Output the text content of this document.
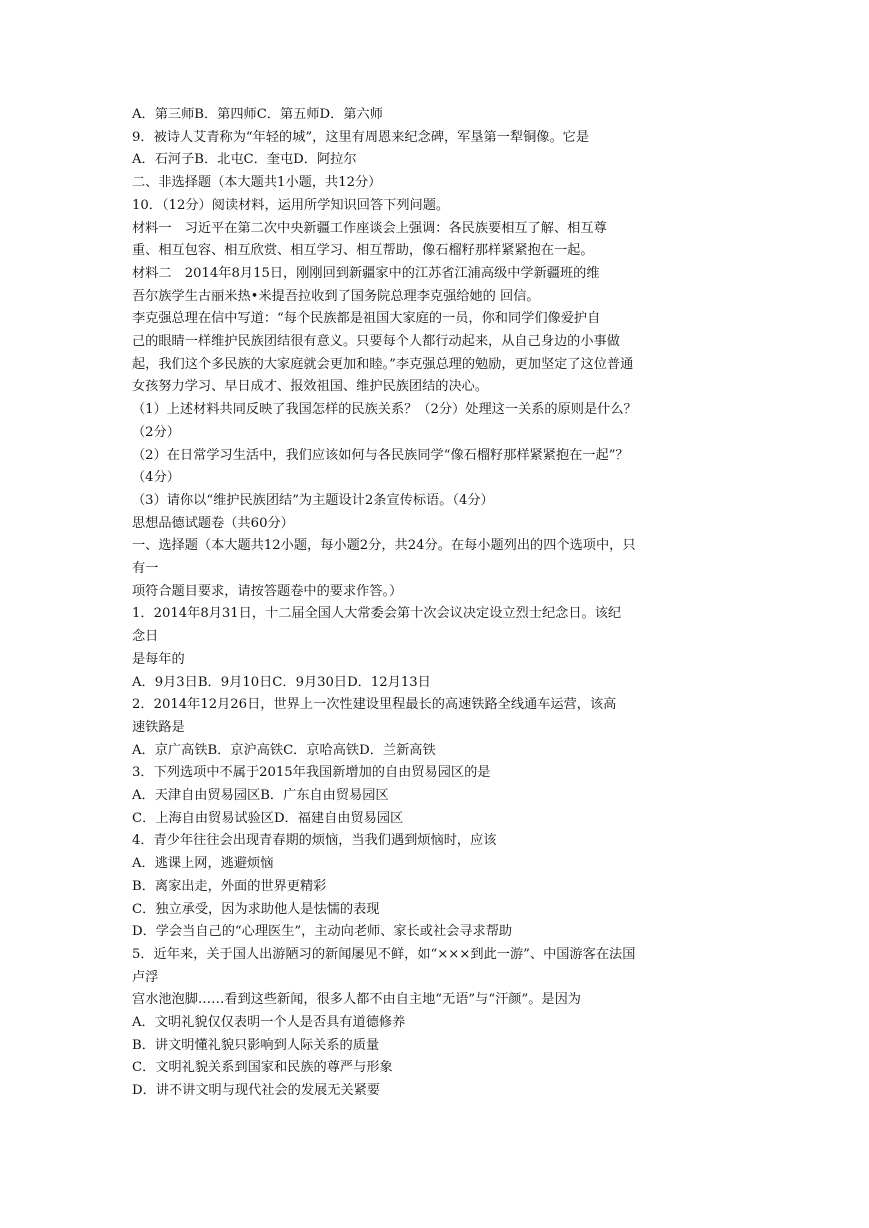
A．第三师B．第四师C．第五师D．第六师
9．被诗人艾青称为“年轻的城”，这里有周恩来纪念碑，军垦第一犁铜像。它是
A．石河子B．北屯C．奎屯D．阿拉尔
二、非选择题（本大题共1小题，共12分）
10．（12分）阅读材料，运用所学知识回答下列问题。
材料一　习近平在第二次中央新疆工作座谈会上强调：各民族要相互了解、相互尊
重、相互包容、相互欣赏、相互学习、相互帮助，像石榴籽那样紧紧抱在一起。
材料二　2014年8月15日，刚刚回到新疆家中的江苏省江浦高级中学新疆班的维
吾尔族学生古丽米热•米提吾拉收到了国务院总理李克强给她的 回信。
李克强总理在信中写道：“每个民族都是祖国大家庭的一员，你和同学们像爱护自
己的眼睛一样维护民族团结很有意义。只要每个人都行动起来，从自己身边的小事做
起，我们这个多民族的大家庭就会更加和睦。”李克强总理的勉励，更加坚定了这位普通
女孩努力学习、早日成才、报效祖国、维护民族团结的决心。
（1）上述材料共同反映了我国怎样的民族关系？（2分）处理这一关系的原则是什么？
（2分）
（2）在日常学习生活中，我们应该如何与各民族同学“像石榴籽那样紧紧抱在一起”？
（4分）
（3）请你以“维护民族团结”为主题设计2条宣传标语。（4分）
思想品德试题卷（共60分）
一、选择题（本大题共12小题，每小题2分，共24分。在每小题列出的四个选项中，只
有一
项符合题目要求，请按答题卷中的要求作答。）
1．2014年8月31日，十二届全国人大常委会第十次会议决定设立烈士纪念日。该纪
念日
是每年的
A．9月3日B．9月10日C．9月30日D．12月13日
2．2014年12月26日，世界上一次性建设里程最长的高速铁路全线通车运营，该高
速铁路是
A．京广高铁B．京沪高铁C．京哈高铁D．兰新高铁
3．下列选项中不属于2015年我国新增加的自由贸易园区的是
A．天津自由贸易园区B．广东自由贸易园区
C．上海自由贸易试验区D．福建自由贸易园区
4．青少年往往会出现青春期的烦恼，当我们遇到烦恼时，应该
A．逃课上网，逃避烦恼
B．离家出走，外面的世界更精彩
C．独立承受，因为求助他人是怯懦的表现
D．学会当自己的“心理医生”，主动向老师、家长或社会寻求帮助
5．近年来，关于国人出游陋习的新闻屡见不鲜，如“×××到此一游”、中国游客在法国
卢浮
宫水池泡脚……看到这些新闻，很多人都不由自主地“无语”与“汗颜”。是因为
A．文明礼貌仅仅表明一个人是否具有道德修养
B．讲文明懂礼貌只影响到人际关系的质量
C．文明礼貌关系到国家和民族的尊严与形象
D．讲不讲文明与现代社会的发展无关紧要
